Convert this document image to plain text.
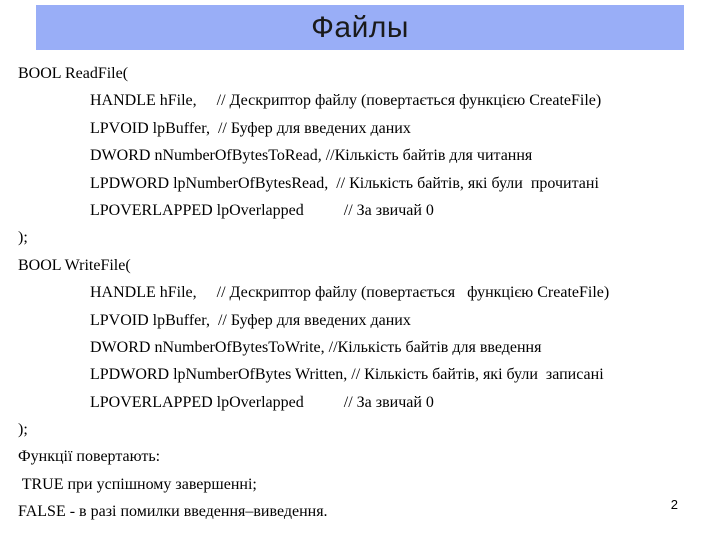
Файлы
BOOL ReadFile(
HANDLE hFile,     // Дескриптор файлу (повертається функцією CreateFile)
LPVOID lpBuffer,  // Буфер для введених даних
DWORD nNumberOfBytesToRead, //Кількість байтів для читання
LPDWORD lpNumberOfBytesRead,  // Кількість байтів, які були  прочитані
LPOVERLAPPED lpOverlapped          // За звичай 0
);
BOOL WriteFile(
HANDLE hFile,     // Дескриптор файлу (повертається   функцією CreateFile)
LPVOID lpBuffer,  // Буфер для введених даних
DWORD nNumberOfBytesToWrite, //Кількість байтів для введення
LPDWORD lpNumberOfBytes Written, // Кількість байтів, які були  записані
LPOVERLAPPED lpOverlapped          // За звичай 0
);
Функції повертають:
TRUE при успішному завершенні;
FALSE - в разі помилки введення–виведення.	2
